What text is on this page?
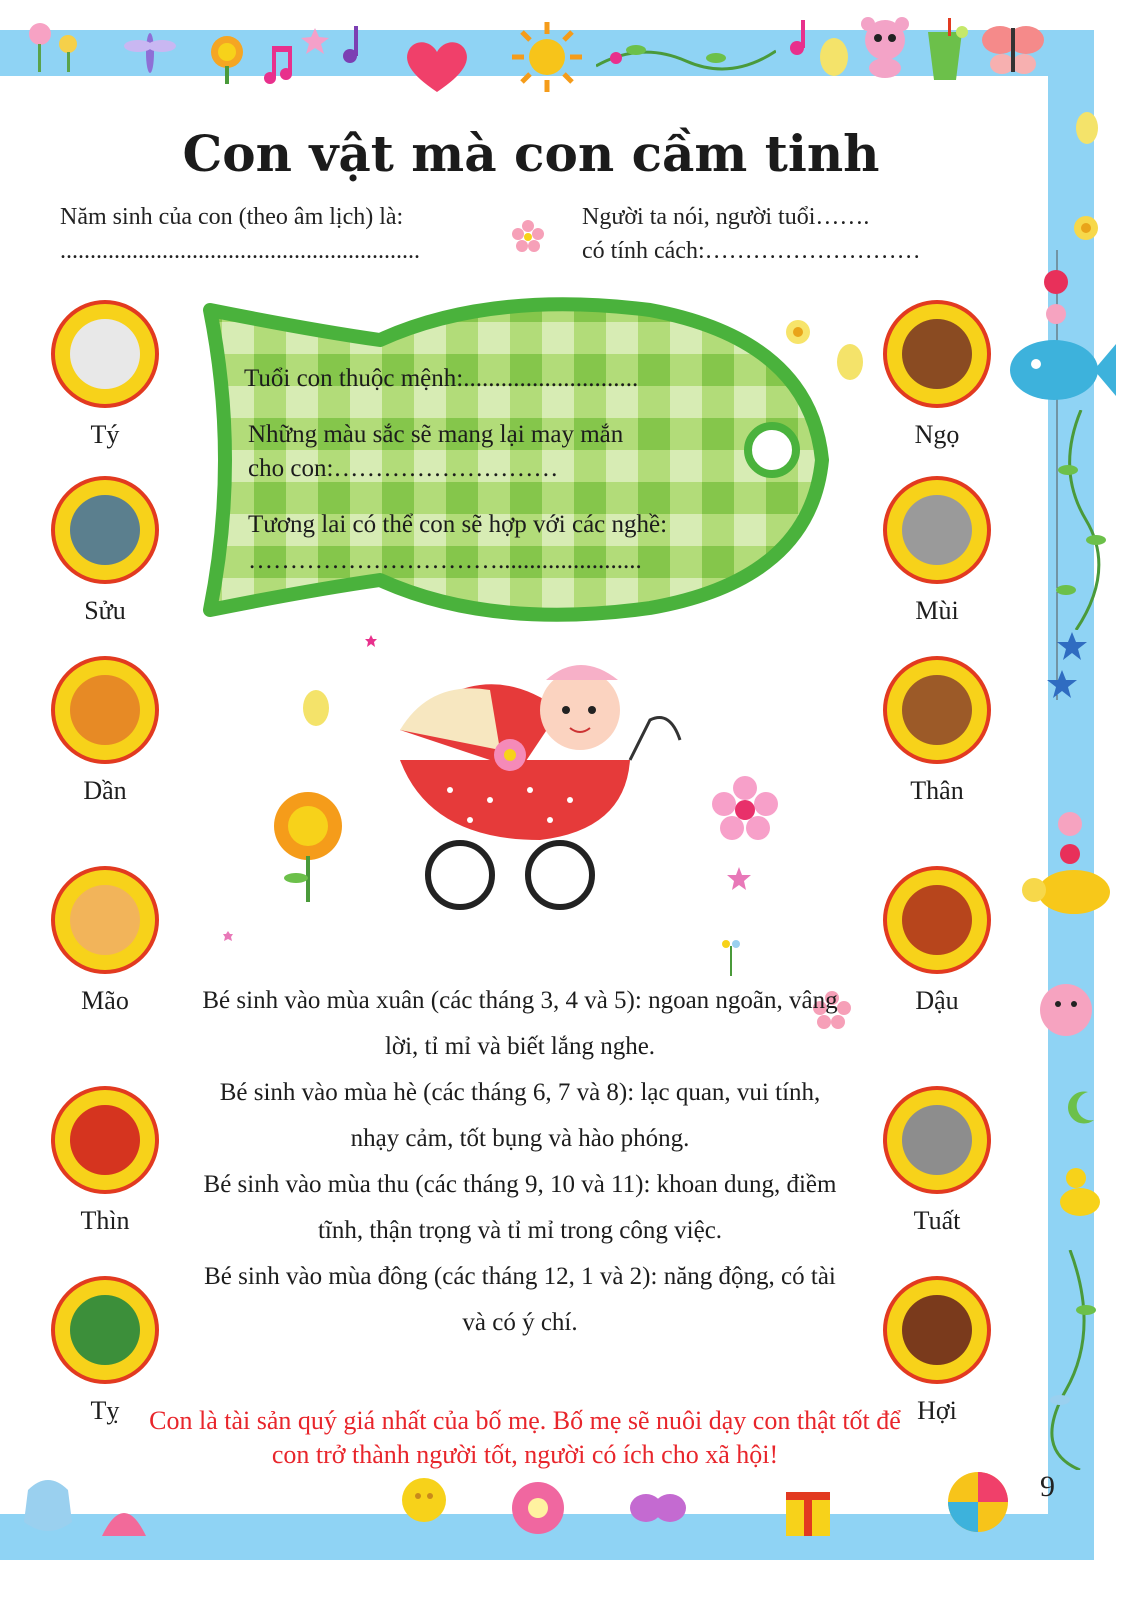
Con vật mà con cầm tinh
Năm sinh của con (theo âm lịch) là:
............................................................
Người ta nói, người tuổi…….
có tính cách:………………………
Tuổi con thuộc mệnh:............................
Những màu sắc sẽ mang lại may mắn
cho con:………………………
Tương lai có thể con sẽ hợp với các nghề:
………………………….......................
Tý
Sửu
Dần
Mão
Thìn
Tỵ
Ngọ
Mùi
Thân
Dậu
Tuất
Hợi

Bé sinh vào mùa xuân (các tháng 3, 4 và 5): ngoan ngoãn, vâng lời, tỉ mỉ và biết lắng nghe.

Bé sinh vào mùa hè (các tháng 6, 7 và 8): lạc quan, vui tính, nhạy cảm, tốt bụng và hào phóng.

Bé sinh vào mùa thu (các tháng 9, 10 và 11): khoan dung, điềm tĩnh, thận trọng và tỉ mỉ trong công việc.

Bé sinh vào mùa đông (các tháng 12, 1 và 2): năng động, có tài và có ý chí.

Con là tài sản quý giá nhất của bố mẹ. Bố mẹ sẽ nuôi dạy con thật tốt để con trở thành người tốt, người có ích cho xã hội!
9
